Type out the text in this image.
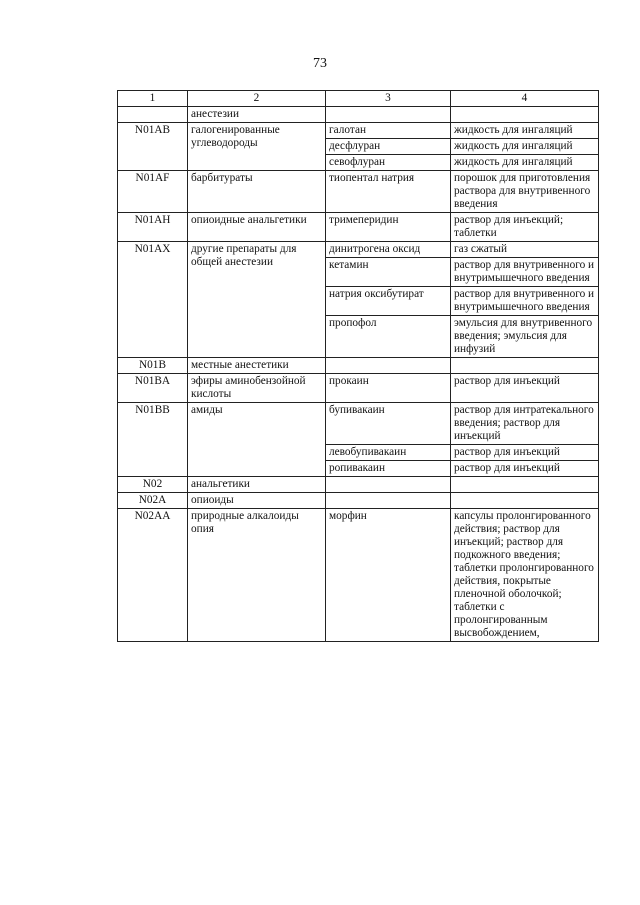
73
1	2	3	4
	анестезии		
N01AB	галогенированные углеводороды	галотан	жидкость для ингаляций
		десфлуран	жидкость для ингаляций
		севофлуран	жидкость для ингаляций
N01AF	барбитураты	тиопентал натрия	порошок для приготовления раствора для внутривенного введения
N01AH	опиоидные анальгетики	тримеперидин	раствор для инъекций; таблетки
N01AX	другие препараты для общей анестезии	динитрогена оксид	газ сжатый
		кетамин	раствор для внутривенного и внутримышечного введения
		натрия оксибутират	раствор для внутривенного и внутримышечного введения
		пропофол	эмульсия для внутривенного введения; эмульсия для инфузий
N01B	местные анестетики		
N01BA	эфиры аминобензойной кислоты	прокаин	раствор для инъекций
N01BB	амиды	бупивакаин	раствор для интратекального введения; раствор для инъекций
		левобупивакаин	раствор для инъекций
		ропивакаин	раствор для инъекций
N02	анальгетики		
N02A	опиоиды		
N02AA	природные алкалоиды опия	морфин	капсулы пролонгированного действия; раствор для инъекций; раствор для подкожного введения; таблетки пролонгированного действия, покрытые пленочной оболочкой; таблетки с пролонгированным высвобождением,
